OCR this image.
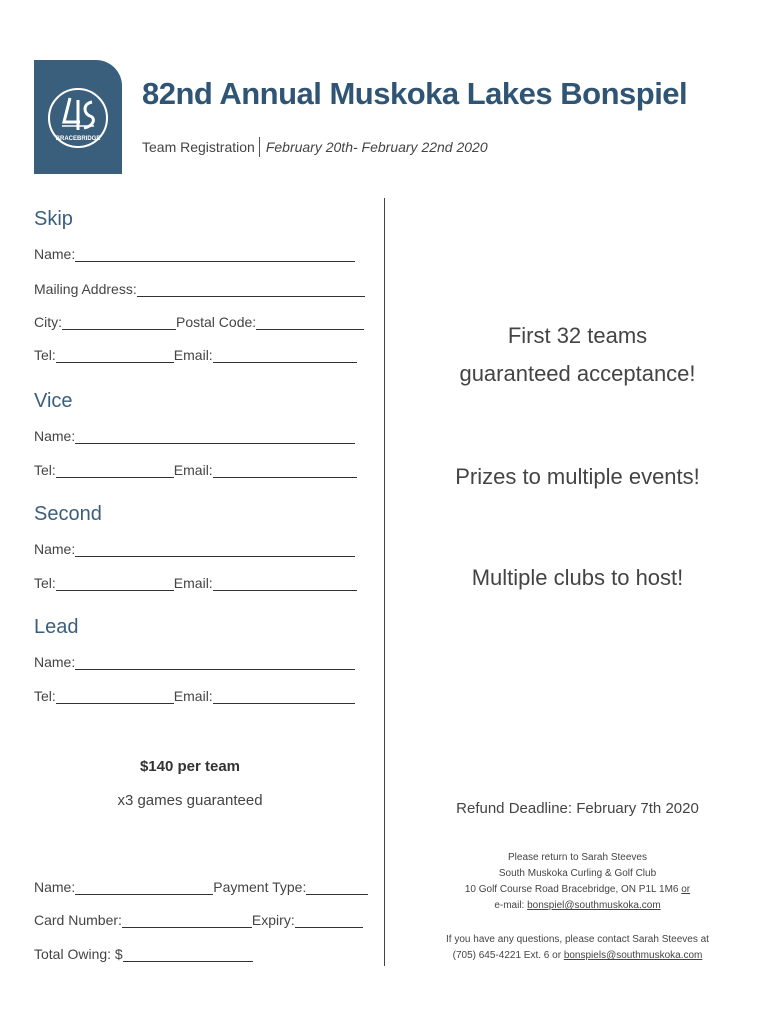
BRACEBRIDGE
82nd Annual Muskoka Lakes Bonspiel
Team Registration February 20th- February 22nd 2020
Skip
Name:
Mailing Address:
City:	Postal Code:
Tel:	Email:
Vice
Name:
Tel:	Email:
Second
Name:
Tel:	Email:
Lead
Name:
Tel:	Email:
$140 per team
x3 games guaranteed
Name:	Payment Type:
Card Number:	Expiry:
Total Owing: $
First 32 teams
guaranteed acceptance!
Prizes to multiple events!
Multiple clubs to host!
Refund Deadline: February 7th 2020
Please return to Sarah Steeves
South Muskoka Curling & Golf Club
10 Golf Course Road Bracebridge, ON P1L 1M6 or
e-mail: bonspiel@southmuskoka.com
If you have any questions, please contact Sarah Steeves at
(705) 645-4221 Ext. 6 or bonspiels@southmuskoka.com
